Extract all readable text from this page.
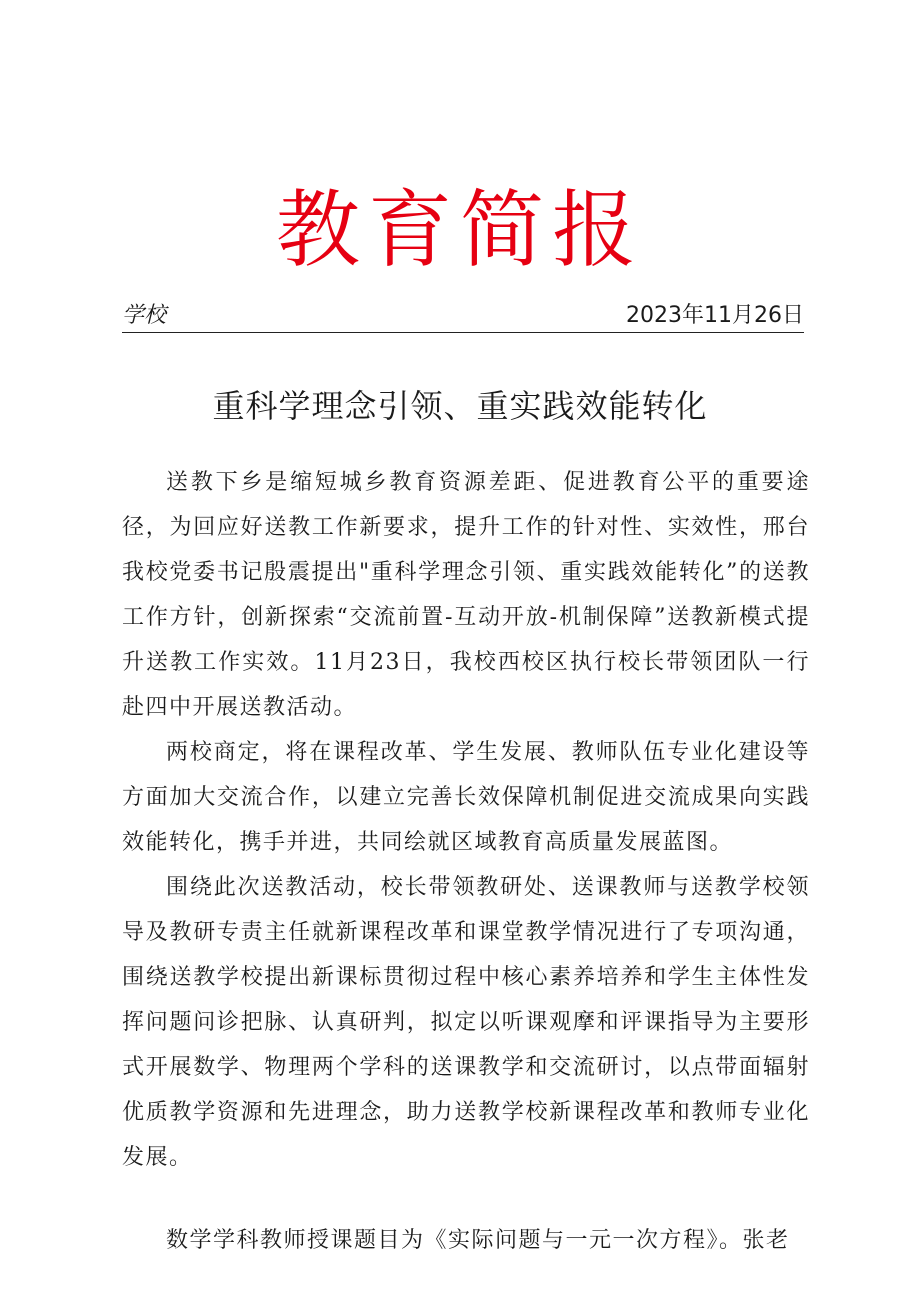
教育简报
学校	2023年11月26日
重科学理念引领、重实践效能转化

送教下乡是缩短城乡教育资源差距、促进教育公平的重要途径，为回应好送教工作新要求，提升工作的针对性、实效性，邢台我校党委书记殷震提出"重科学理念引领、重实践效能转化”的送教工作方针，创新探索“交流前置-互动开放-机制保障”送教新模式提升送教工作实效。11月23日，我校西校区执行校长带领团队一行赴四中开展送教活动。

两校商定，将在课程改革、学生发展、教师队伍专业化建设等方面加大交流合作，以建立完善长效保障机制促进交流成果向实践效能转化，携手并进，共同绘就区域教育高质量发展蓝图。

围绕此次送教活动，校长带领教研处、送课教师与送教学校领导及教研专责主任就新课程改革和课堂教学情况进行了专项沟通，围绕送教学校提出新课标贯彻过程中核心素养培养和学生主体性发挥问题问诊把脉、认真研判，拟定以听课观摩和评课指导为主要形式开展数学、物理两个学科的送课教学和交流研讨，以点带面辐射优质教学资源和先进理念，助力送教学校新课程改革和教师专业化发展。

数学学科教师授课题目为《实际问题与一元一次方程》。张老
